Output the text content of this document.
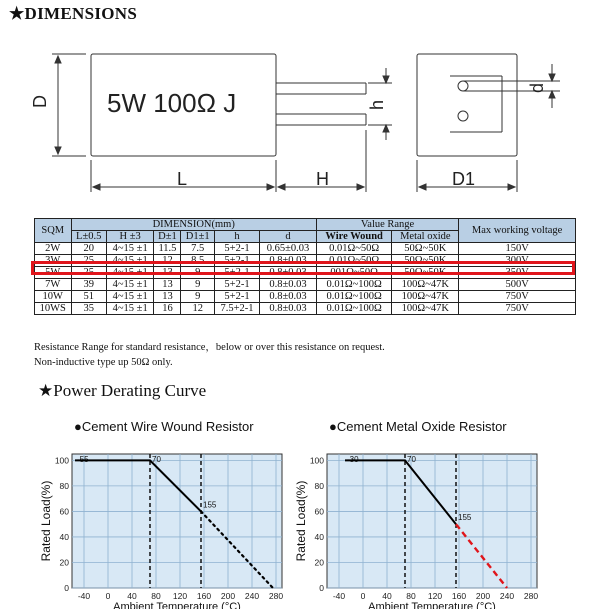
★DIMENSIONS
5W 100Ω J
D
L	H
h
D1
d
SQM	DIMENSION(mm)						Value Range		Max working voltage
	L±0.5	H ±3	D±1	D1±1	h	d	Wire Wound	Metal oxide	
2W	20	4~15 ±1	11.5	7.5	5+2-1	0.65±0.03	0.01Ω~50Ω	50Ω~50K	150V
3W	25	4~15 ±1	12	8.5	5+2-1	0.8±0.03	0.01Ω~50Ω	50Ω~50K	300V
5W	25	4~15 ±1	13	9	5+2-1	0.8±0.03	001Ω~50Ω	50Ω~50K	350V
7W	39	4~15 ±1	13	9	5+2-1	0.8±0.03	0.01Ω~100Ω	100Ω~47K	500V
10W	51	4~15 ±1	13	9	5+2-1	0.8±0.03	0.01Ω~100Ω	100Ω~47K	750V
10WS	35	4~15 ±1	16	12	7.5+2-1	0.8±0.03	0.01Ω~100Ω	100Ω~47K	750V
Resistance Range for standard resistance，below or over this resistance on request.
Non-inductive type up 50Ω only.
★Power Derating Curve
●Cement Wire Wound Resistor
-40 0 40 80 120 160 200 240 280
0
20
40
60
80
100 -55	70
155
Rated Load(%)
Ambient Temperature (°C)
●Cement Metal Oxide Resistor
-40 0 40 80 120 160 200 240 280
0
20
40
60
80
100	-30	70
155
Rated Load(%)
Ambient Temperature (°C)
